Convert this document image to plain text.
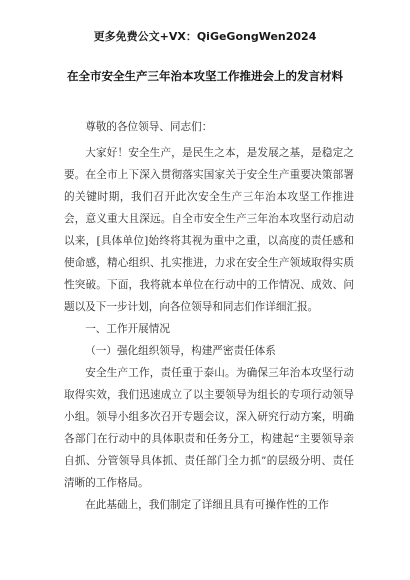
更多免费公文+VX：QiGeGongWen2024
在全市安全生产三年治本攻坚工作推进会上的发言材料

尊敬的各位领导、同志们：

大家好！安全生产，是民生之本，是发展之基，是稳定之要。在全市上下深入贯彻落实国家关于安全生产重要决策部署的关键时期，我们召开此次安全生产三年治本攻坚工作推进会，意义重大且深远。自全市安全生产三年治本攻坚行动启动以来，[具体单位]始终将其视为重中之重，以高度的责任感和使命感，精心组织、扎实推进，力求在安全生产领域取得实质性突破。下面，我将就本单位在行动中的工作情况、成效、问题以及下一步计划，向各位领导和同志们作详细汇报。

一、工作开展情况

（一）强化组织领导，构建严密责任体系

安全生产工作，责任重于泰山。为确保三年治本攻坚行动取得实效，我们迅速成立了以主要领导为组长的专项行动领导小组。领导小组多次召开专题会议，深入研究行动方案，明确各部门在行动中的具体职责和任务分工，构建起“主要领导亲自抓、分管领导具体抓、责任部门全力抓”的层级分明、责任清晰的工作格局。

在此基础上，我们制定了详细且具有可操作性的工作
